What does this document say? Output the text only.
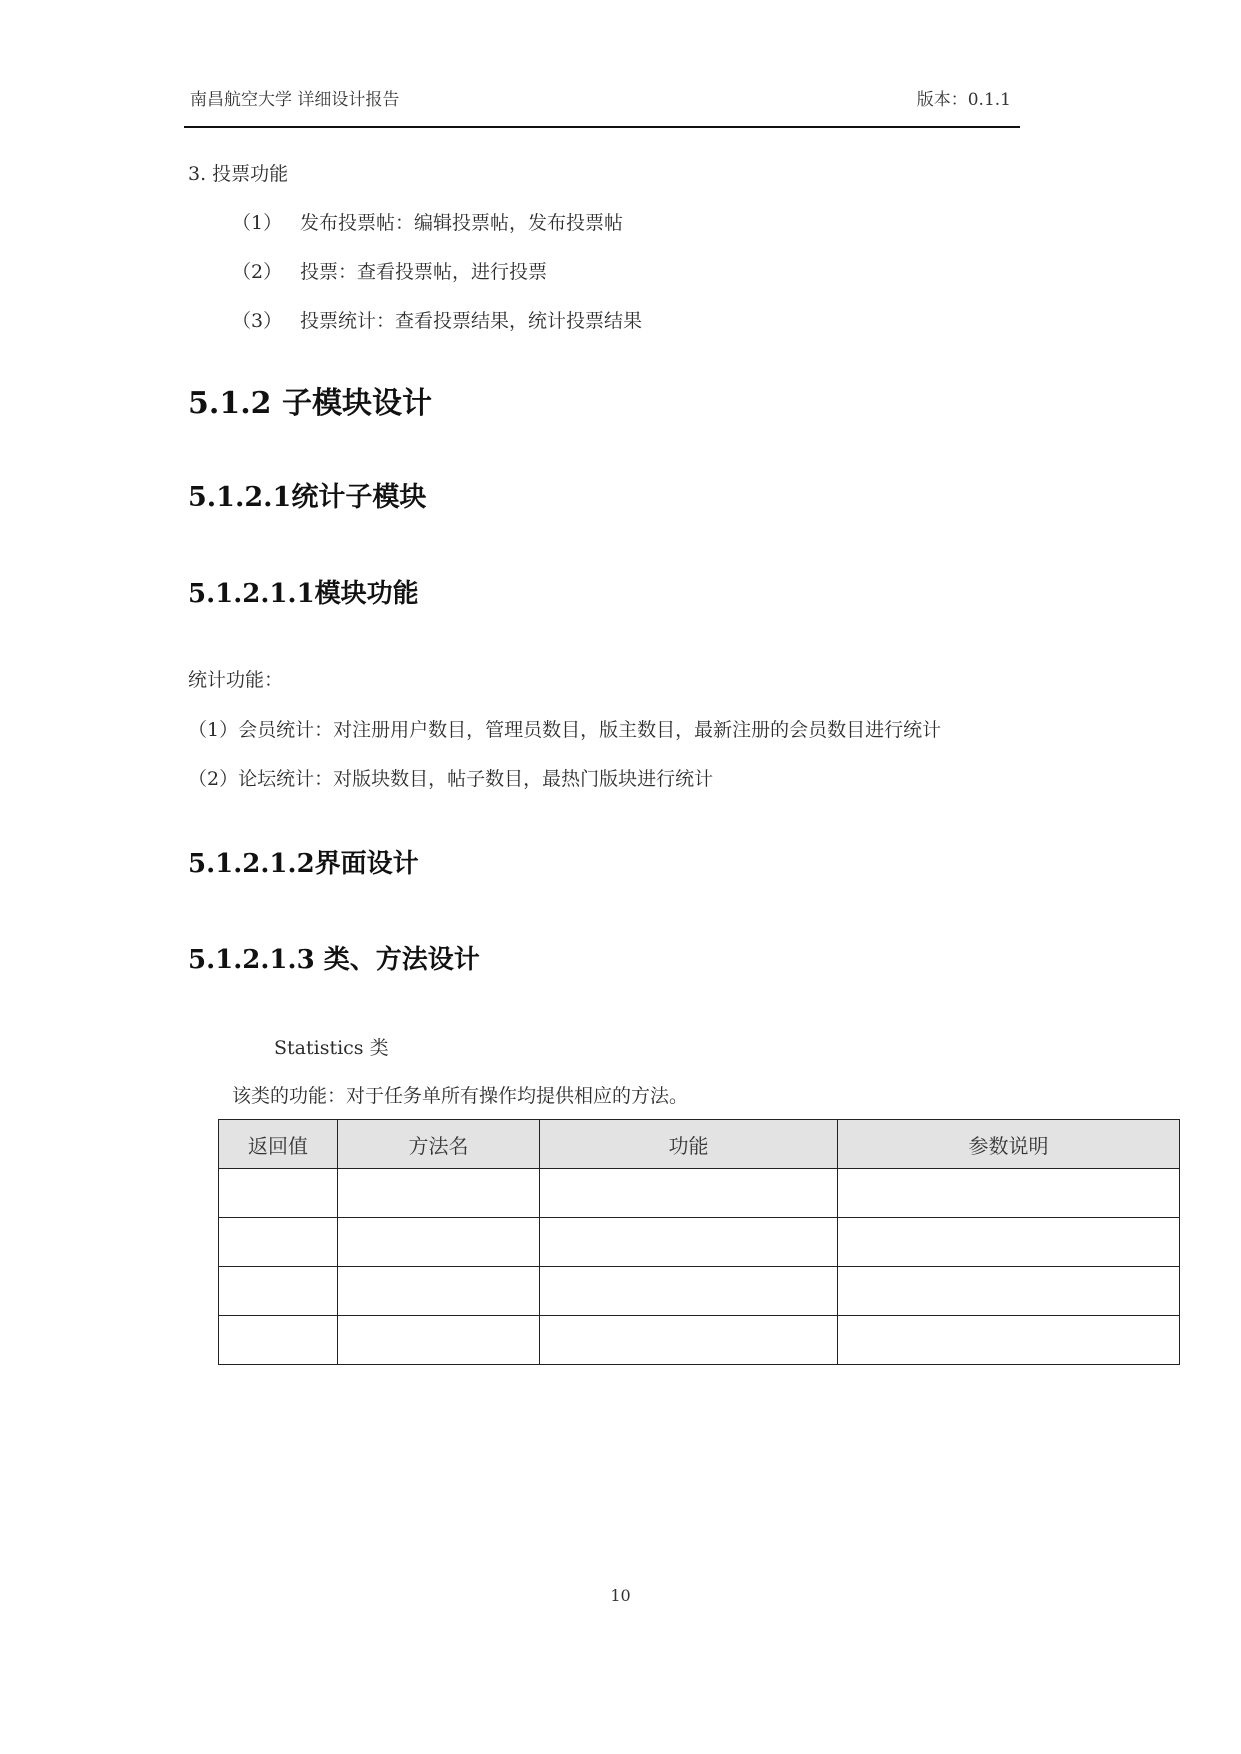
南昌航空大学 详细设计报告	版本：0.1.1
3. 投票功能
（1） 发布投票帖：编辑投票帖，发布投票帖
（2） 投票：查看投票帖，进行投票
（3） 投票统计：查看投票结果，统计投票结果
5.1.2 子模块设计
5.1.2.1统计子模块
5.1.2.1.1模块功能
统计功能：
（1）会员统计：对注册用户数目，管理员数目，版主数目，最新注册的会员数目进行统计
（2）论坛统计：对版块数目，帖子数目，最热门版块进行统计
5.1.2.1.2界面设计
5.1.2.1.3 类、方法设计
Statistics 类
该类的功能：对于任务单所有操作均提供相应的方法。
返回值	方法名	功能	参数说明

10
